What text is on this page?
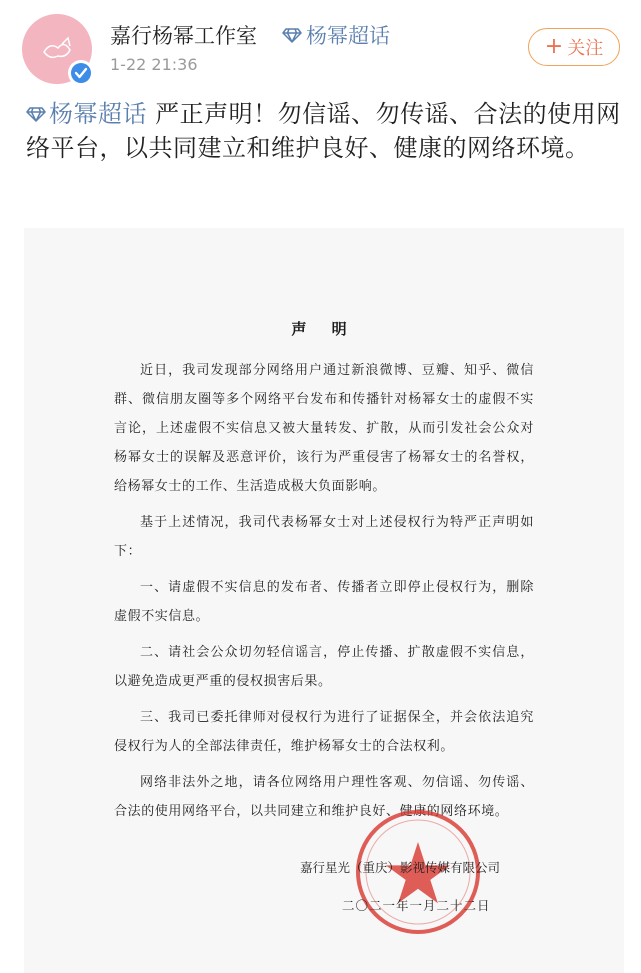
嘉行杨幂工作室 杨幂超话
1-22 21:36
+ 关注
杨幂超话 严正声明！勿信谣、勿传谣、合法的使用网络平台，以共同建立和维护良好、健康的网络环境。
声 明

近日，我司发现部分网络用户通过新浪微博、豆瓣、知乎、微信群、微信朋友圈等多个网络平台发布和传播针对杨幂女士的虚假不实言论，上述虚假不实信息又被大量转发、扩散，从而引发社会公众对杨幂女士的误解及恶意评价，该行为严重侵害了杨幂女士的名誉权，给杨幂女士的工作、生活造成极大负面影响。

基于上述情况，我司代表杨幂女士对上述侵权行为特严正声明如下：

一、请虚假不实信息的发布者、传播者立即停止侵权行为，删除虚假不实信息。

二、请社会公众切勿轻信谣言，停止传播、扩散虚假不实信息，以避免造成更严重的侵权损害后果。

三、我司已委托律师对侵权行为进行了证据保全，并会依法追究侵权行为人的全部法律责任，维护杨幂女士的合法权利。

网络非法外之地，请各位网络用户理性客观、勿信谣、勿传谣、合法的使用网络平台，以共同建立和维护良好、健康的网络环境。

嘉行星光（重庆）影视传媒有限公司
二〇二一年一月二十二日
